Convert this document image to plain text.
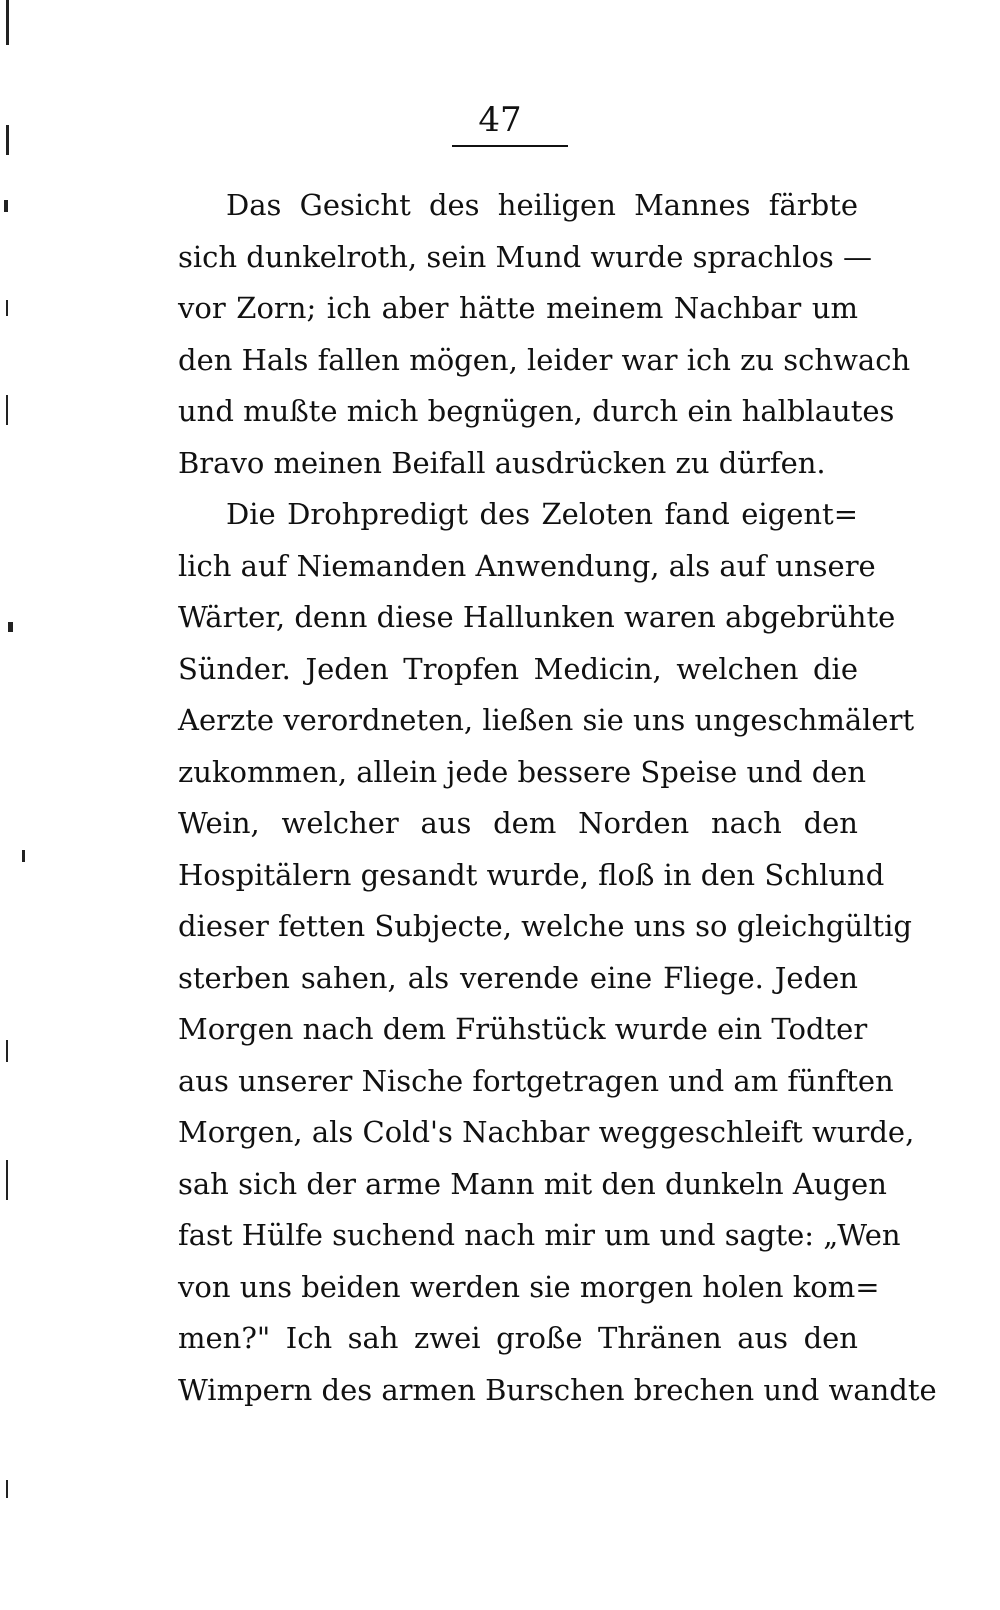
47
Das Gesicht des heiligen Mannes färbte
sich dunkelroth, sein Mund wurde sprachlos —
vor Zorn; ich aber hätte meinem Nachbar um
den Hals fallen mögen, leider war ich zu schwach
und mußte mich begnügen, durch ein halblautes
Bravo meinen Beifall ausdrücken zu dürfen.
Die Drohpredigt des Zeloten fand eigent=
lich auf Niemanden Anwendung, als auf unsere
Wärter, denn diese Hallunken waren abgebrühte
Sünder. Jeden Tropfen Medicin, welchen die
Aerzte verordneten, ließen sie uns ungeschmälert
zukommen, allein jede bessere Speise und den
Wein, welcher aus dem Norden nach den
Hospitälern gesandt wurde, floß in den Schlund
dieser fetten Subjecte, welche uns so gleichgültig
sterben sahen, als verende eine Fliege. Jeden
Morgen nach dem Frühstück wurde ein Todter
aus unserer Nische fortgetragen und am fünften
Morgen, als Cold's Nachbar weggeschleift wurde,
sah sich der arme Mann mit den dunkeln Augen
fast Hülfe suchend nach mir um und sagte: „Wen
von uns beiden werden sie morgen holen kom=
men?" Ich sah zwei große Thränen aus den
Wimpern des armen Burschen brechen und wandte
